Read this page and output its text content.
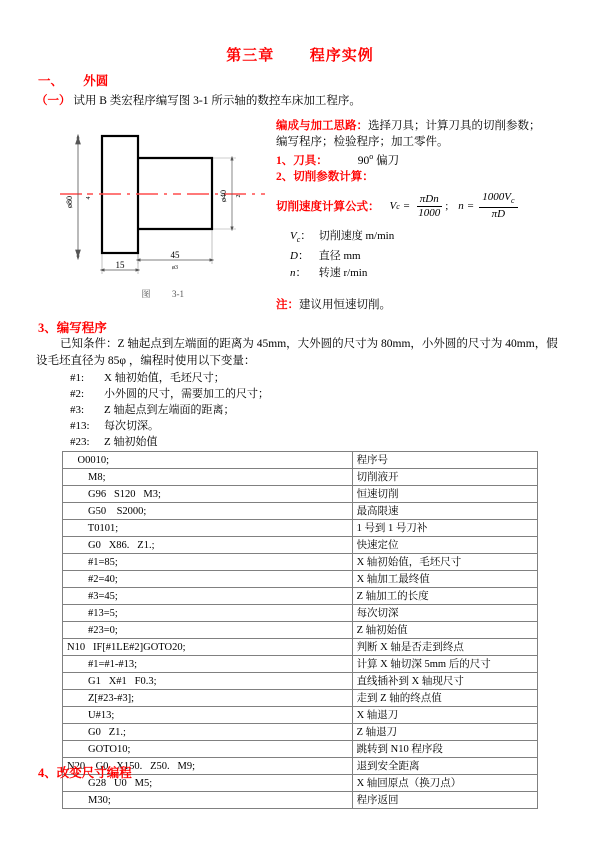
第三章 程序实例
一、 外圆
（一） 试用 B 类宏程序编写图 3-1 所示轴的数控车床加工程序。
编成与加工思路：选择刀具；计算刀具的切削参数；
编写程序；检验程序；加工零件。
1、刀具：	90$^o$ 偏刀
2、切削参数计算：
切削速度计算公式： V $c = \frac{\text{πDn}}{1000}$ ; $n = \frac{1000V_c}{\pi D}$
$V_c$： 切削速度 m/min
D： 直径 mm
n： 转速 r/min
注：建议用恒速切削。
ø80 4	ø40 2
15
45
ø3
图 3-1
3、编写程序
已知条件：Z 轴起点到左端面的距离为 45mm，大外圆的尺寸为 80mm，小外圆的尺寸为 40mm，假设毛坯直径为 85φ ，编程时使用以下变量：
#1: X 轴初始值，毛坯尺寸；
#2: 小外圆的尺寸，需要加工的尺寸；
#3: Z 轴起点到左端面的距离；
#13: 每次切深。
#23: Z 轴初始值
O0010;	程序号
M8;	切削液开
G96   S120   M3;	恒速切削
G50    S2000;	最高限速
T0101;	1 号到 1 号刀补
G0   X86.   Z1.;	快速定位
#1=85;	X 轴初始值，毛坯尺寸
#2=40;	X 轴加工最终值
#3=45;	Z 轴加工的长度
#13=5;	每次切深
#23=0;	Z 轴初始值
N10   IF[#1LE#2]GOTO20;	判断 X 轴是否走到终点
#1=#1-#13;	计算 X 轴切深 5mm 后的尺寸
G1   X#1   F0.3;	直线插补到 X 轴现尺寸
Z[#23-#3];	走到 Z 轴的终点值
U#13;	X 轴退刀
G0   Z1.;	Z 轴退刀
GOTO10;	跳转到 N10 程序段
N20    G0   X150.   Z50.   M9;	退到安全距离
G28   U0   M5;	X 轴回原点（换刀点）
M30;	程序返回
4、改变尺寸编程
